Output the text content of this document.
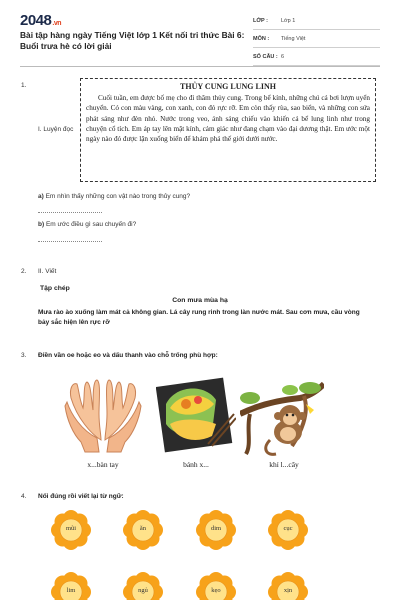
2048.vn
Bài tập hàng ngày Tiếng Việt lớp 1 Kết nối tri thức Bài 6: Buổi trưa hè có lời giải
LỚP :	Lớp 1
MÔN :	Tiếng Việt
SỐ CÂU : 6
1.
I. Luyện đọc
THỦY CUNG LUNG LINH
Cuối tuần, em được bố mẹ cho đi thăm thủy cung. Trong bể kính, những chú cá bơi lượn uyển chuyển. Có con màu vàng, con xanh, con đỏ rực rỡ. Em còn thấy rùa, sao biển, và những con sứa phát sáng như đèn nhỏ. Nước trong veo, ánh sáng chiếu vào khiến cả bể lung linh như trong chuyện cổ tích. Em áp tay lên mặt kính, cảm giác như đang chạm vào đại dương thật. Em ước một ngày nào đó được lặn xuống biển để khám phá thế giới dưới nước.
a) Em nhìn thấy những con vật nào trong thủy cung?
b) Em ước điều gì sau chuyến đi?
2. II. Viết
Tập chép
Con mưa mùa hạ
Mưa rào ào xuống làm mát cả không gian. Lá cây rung rinh trong làn nước mát. Sau cơn mưa, cầu vòng bảy sắc hiện lên rực rỡ
3. Điền vần oe hoặc eo và dấu thanh vào chỗ trống phù hợp:
x...bàn tay	bánh x...	khỉ l...cây
4. Nối đúng rồi viết lại từ ngữ:
mũi	ăn	dim	cục
lim	ngủ	kẹo	xịn
